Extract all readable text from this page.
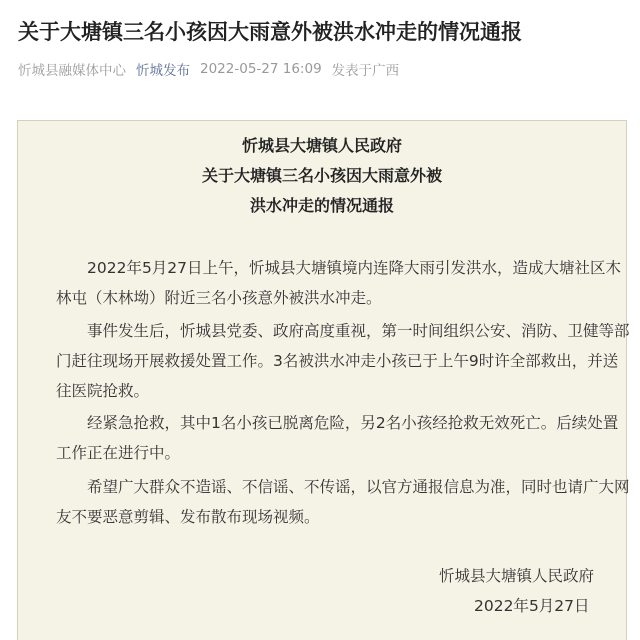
关于大塘镇三名小孩因大雨意外被洪水冲走的情况通报
忻城县融媒体中心 忻城发布 2022-05-27 16:09 发表于广西
忻城县大塘镇人民政府
关于大塘镇三名小孩因大雨意外被
洪水冲走的情况通报
2022年5月27日上午，忻城县大塘镇境内连降大雨引发洪水，造成大塘社区木
林屯（木林坳）附近三名小孩意外被洪水冲走。
事件发生后，忻城县党委、政府高度重视，第一时间组织公安、消防、卫健等部
门赶往现场开展救援处置工作。3名被洪水冲走小孩已于上午9时许全部救出，并送
往医院抢救。
经紧急抢救，其中1名小孩已脱离危险，另2名小孩经抢救无效死亡。后续处置
工作正在进行中。
希望广大群众不造谣、不信谣、不传谣，以官方通报信息为准，同时也请广大网
友不要恶意剪辑、发布散布现场视频。
忻城县大塘镇人民政府
2022年5月27日
